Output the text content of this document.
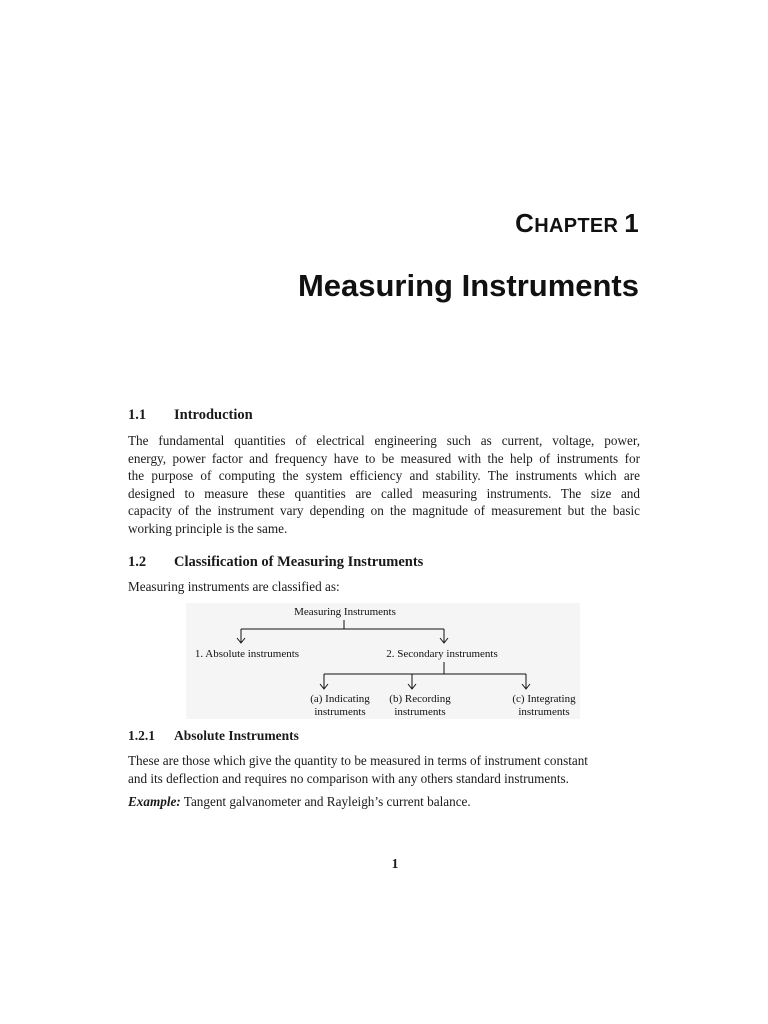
CHAPTER 1
Measuring Instruments
1.1 Introduction
The fundamental quantities of electrical engineering such as current, voltage, power,
energy, power factor and frequency have to be measured with the help of instruments for
the purpose of computing the system efficiency and stability. The instruments which are
designed to measure these quantities are called measuring instruments. The size and
capacity of the instrument vary depending on the magnitude of measurement but the basic
working principle is the same.
1.2 Classification of Measuring Instruments
Measuring instruments are classified as:
Measuring Instruments
1. Absolute instruments	2. Secondary instruments
(a) Indicating
instruments
(b) Recording
instruments
(c) Integrating
instruments
1.2.1 Absolute Instruments
These are those which give the quantity to be measured in terms of instrument constant
and its deflection and requires no comparison with any others standard instruments.
Example: Tangent galvanometer and Rayleigh’s current balance.
1
